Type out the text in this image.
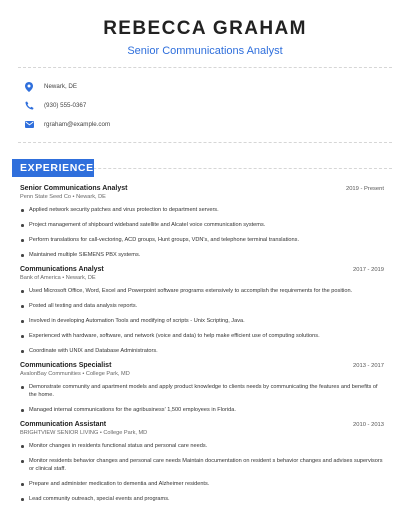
REBECCA GRAHAM
Senior Communications Analyst
Newark, DE
(930) 555-0367
rgraham@example.com
EXPERIENCE
Senior Communications Analyst	2019 - Present
Penn State Seed Co • Newark, DE
Applied network security patches and virus protection to department servers.
Project management of shipboard wideband satellite and Alcatel voice communication systems.
Perform translations for call-vectoring, ACD groups, Hunt groups, VDN's, and telephone terminal translations.
Maintained multiple SIEMENS PBX systems.
Communications Analyst	2017 - 2019
Bank of America • Newark, DE
Used Microsoft Office, Word, Excel and Powerpoint software programs extensively to accomplish the requirements for the position.
Posted all testing and data analysis reports.
Involved in developing Automation Tools and modifying of scripts - Unix Scripting, Java.
Experienced with hardware, software, and network (voice and data) to help make efficient use of computing solutions.
Coordinate with UNIX and Database Administrators.
Communications Specialist	2013 - 2017
AvalonBay Communities • College Park, MD
Demonstrate community and apartment models and apply product knowledge to clients needs by communicating the features and benefits of the home.
Managed internal communications for the agribusiness' 1,500 employees in Florida.
Communication Assistant	2010 - 2013
BRIGHTVIEW SENIOR LIVING • College Park, MD
Monitor changes in residents functional status and personal care needs.
Monitor residents behavior changes and personal care needs Maintain documentation on resident s behavior changes and advises supervisors or clinical staff.
Prepare and administer medication to dementia and Alzheimer residents.
Lead community outreach, special events and programs.
